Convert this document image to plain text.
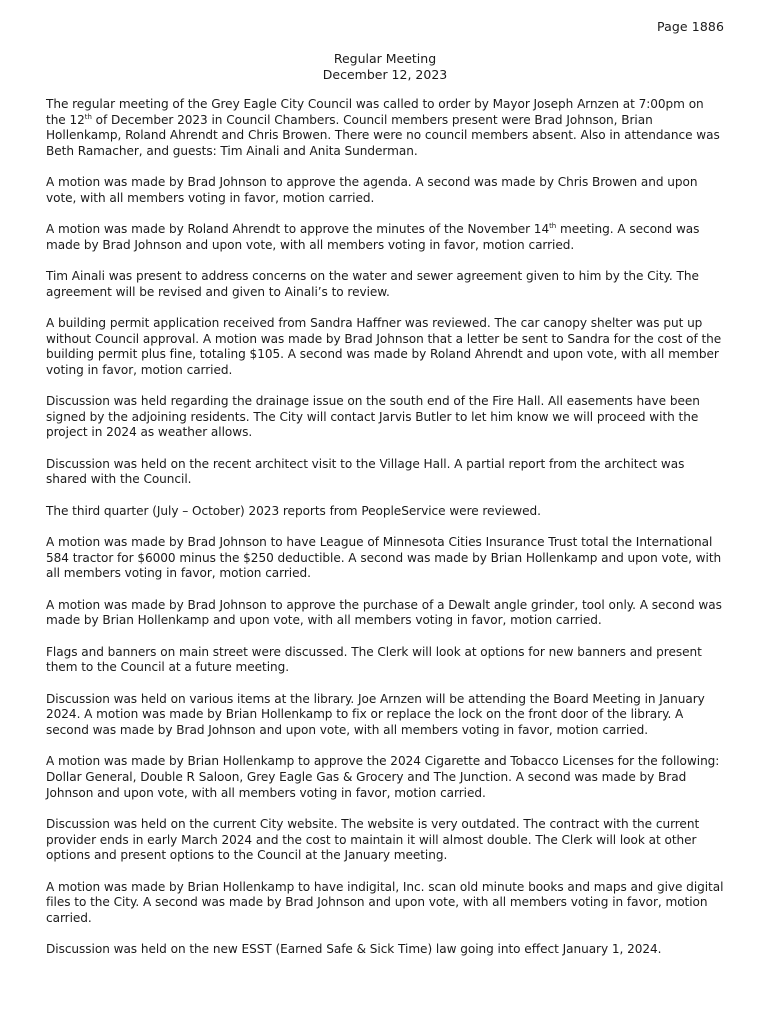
Page 1886
Regular Meeting
December 12, 2023

The regular meeting of the Grey Eagle City Council was called to order by Mayor Joseph Arnzen at 7:00pm on the 12th of December 2023 in Council Chambers. Council members present were Brad Johnson, Brian Hollenkamp, Roland Ahrendt and Chris Browen. There were no council members absent. Also in attendance was Beth Ramacher, and guests: Tim Ainali and Anita Sunderman.

A motion was made by Brad Johnson to approve the agenda. A second was made by Chris Browen and upon vote, with all members voting in favor, motion carried.

A motion was made by Roland Ahrendt to approve the minutes of the November 14th meeting. A second was made by Brad Johnson and upon vote, with all members voting in favor, motion carried.

Tim Ainali was present to address concerns on the water and sewer agreement given to him by the City. The agreement will be revised and given to Ainali’s to review.

A building permit application received from Sandra Haffner was reviewed. The car canopy shelter was put up without Council approval. A motion was made by Brad Johnson that a letter be sent to Sandra for the cost of the building permit plus fine, totaling $105. A second was made by Roland Ahrendt and upon vote, with all member voting in favor, motion carried.

Discussion was held regarding the drainage issue on the south end of the Fire Hall. All easements have been signed by the adjoining residents. The City will contact Jarvis Butler to let him know we will proceed with the project in 2024 as weather allows.

Discussion was held on the recent architect visit to the Village Hall. A partial report from the architect was shared with the Council.

The third quarter (July – October) 2023 reports from PeopleService were reviewed.

A motion was made by Brad Johnson to have League of Minnesota Cities Insurance Trust total the International 584 tractor for $6000 minus the $250 deductible. A second was made by Brian Hollenkamp and upon vote, with all members voting in favor, motion carried.

A motion was made by Brad Johnson to approve the purchase of a Dewalt angle grinder, tool only. A second was made by Brian Hollenkamp and upon vote, with all members voting in favor, motion carried.

Flags and banners on main street were discussed. The Clerk will look at options for new banners and present them to the Council at a future meeting.

Discussion was held on various items at the library. Joe Arnzen will be attending the Board Meeting in January 2024. A motion was made by Brian Hollenkamp to fix or replace the lock on the front door of the library. A second was made by Brad Johnson and upon vote, with all members voting in favor, motion carried.

A motion was made by Brian Hollenkamp to approve the 2024 Cigarette and Tobacco Licenses for the following: Dollar General, Double R Saloon, Grey Eagle Gas & Grocery and The Junction. A second was made by Brad Johnson and upon vote, with all members voting in favor, motion carried.

Discussion was held on the current City website. The website is very outdated. The contract with the current provider ends in early March 2024 and the cost to maintain it will almost double. The Clerk will look at other options and present options to the Council at the January meeting.

A motion was made by Brian Hollenkamp to have indigital, Inc. scan old minute books and maps and give digital files to the City. A second was made by Brad Johnson and upon vote, with all members voting in favor, motion carried.

Discussion was held on the new ESST (Earned Safe & Sick Time) law going into effect January 1, 2024.
